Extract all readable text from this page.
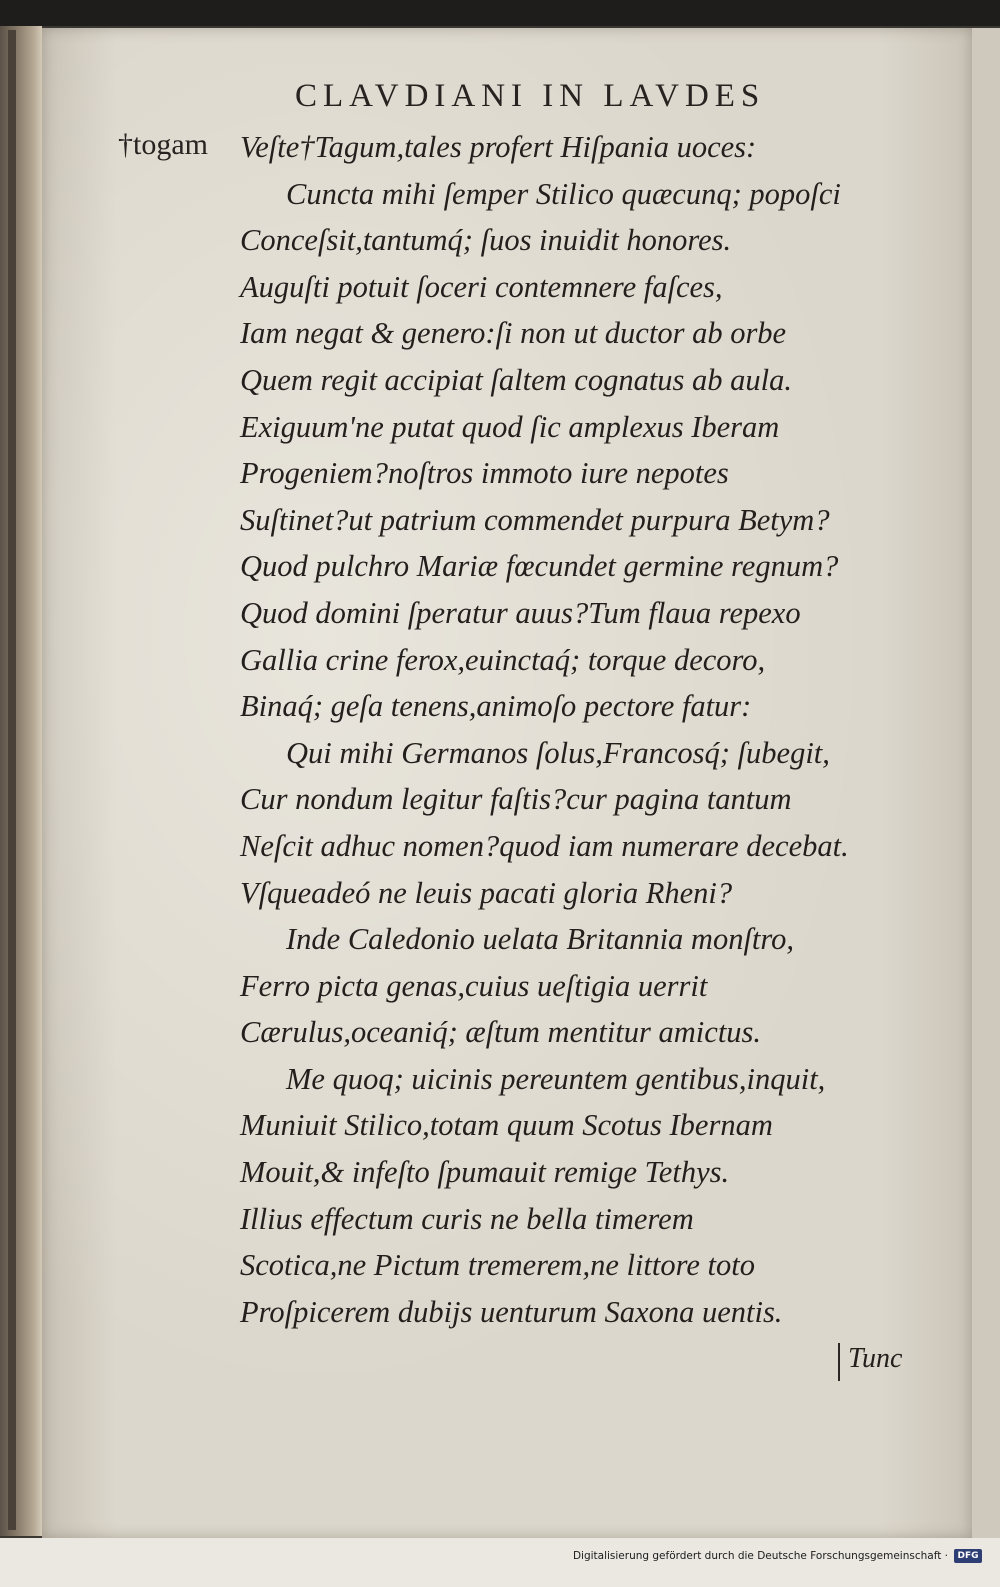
CLAVDIANI IN LAVDES
†togam Veſte†Tagum,tales profert Hiſpania uoces:
Cuncta mihi ſemper Stilico quæcunq; popoſci
Conceſsit,tantumq́; ſuos inuidit honores.
Auguſti potuit ſoceri contemnere faſces,
Iam negat & genero:ſi non ut ductor ab orbe
Quem regit accipiat ſaltem cognatus ab aula.
Exiguum'ne putat quod ſic amplexus Iberam
Progeniem?noſtros immoto iure nepotes
Suſtinet?ut patrium commendet purpura Betym?
Quod pulchro Mariæ fœcundet germine regnum?
Quod domini ſperatur auus?Tum flaua repexo
Gallia crine ferox,euinctaq́; torque decoro,
Binaq́; geſa tenens,animoſo pectore fatur:
Qui mihi Germanos ſolus,Francosq́; ſubegit,
Cur nondum legitur faſtis?cur pagina tantum
Neſcit adhuc nomen?quod iam numerare decebat.
Vſqueadeó ne leuis pacati gloria Rheni?
Inde Caledonio uelata Britannia monſtro,
Ferro picta genas,cuius ueſtigia uerrit
Cærulus,oceaniq́; æſtum mentitur amictus.
Me quoq; uicinis pereuntem gentibus,inquit,
Muniuit Stilico,totam quum Scotus Ibernam
Mouit,& infeſto ſpumauit remige Tethys.
Illius effectum curis ne bella timerem
Scotica,ne Pictum tremerem,ne littore toto
Proſpicerem dubijs uenturum Saxona uentis.
Tunc
Digitalisierung gefördert durch die Deutsche Forschungsgemeinschaft ·	DFG
